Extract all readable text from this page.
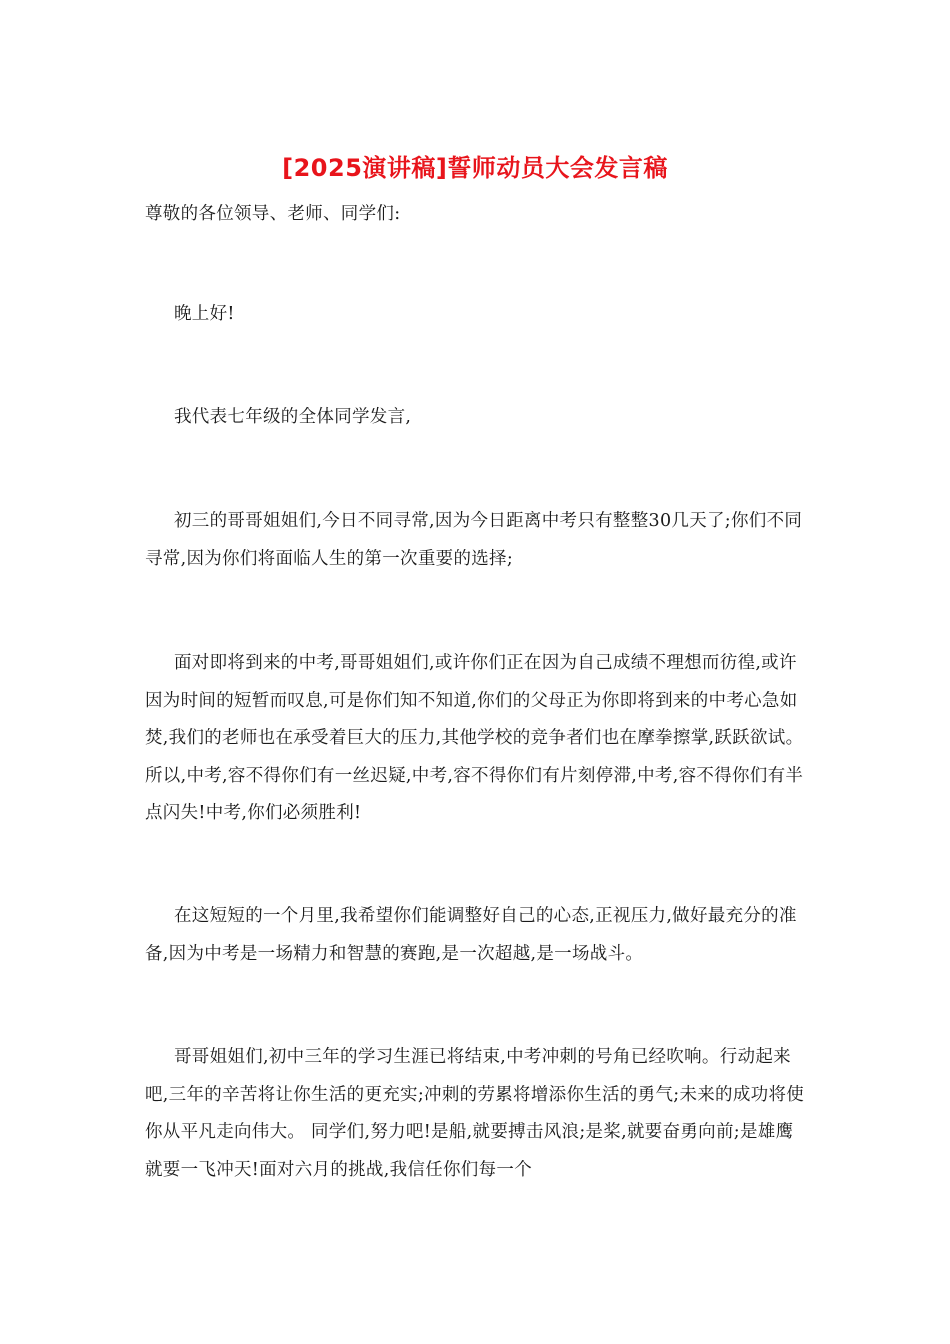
[2025演讲稿]誓师动员大会发言稿

尊敬的各位领导、老师、同学们:

晚上好!

我代表七年级的全体同学发言,

初三的哥哥姐姐们,今日不同寻常,因为今日距离中考只有整整30几天了;你们不同寻常,因为你们将面临人生的第一次重要的选择;

面对即将到来的中考,哥哥姐姐们,或许你们正在因为自己成绩不理想而彷徨,或许因为时间的短暂而叹息,可是你们知不知道,你们的父母正为你即将到来的中考心急如焚,我们的老师也在承受着巨大的压力,其他学校的竞争者们也在摩拳擦掌,跃跃欲试。所以,中考,容不得你们有一丝迟疑,中考,容不得你们有片刻停滞,中考,容不得你们有半点闪失!中考,你们必须胜利!

在这短短的一个月里,我希望你们能调整好自己的心态,正视压力,做好最充分的准备,因为中考是一场精力和智慧的赛跑,是一次超越,是一场战斗。

哥哥姐姐们,初中三年的学习生涯已将结束,中考冲刺的号角已经吹响。行动起来吧,三年的辛苦将让你生活的更充实;冲刺的劳累将增添你生活的勇气;未来的成功将使你从平凡走向伟大。 同学们,努力吧!是船,就要搏击风浪;是桨,就要奋勇向前;是雄鹰就要一飞冲天!面对六月的挑战,我信任你们每一个
